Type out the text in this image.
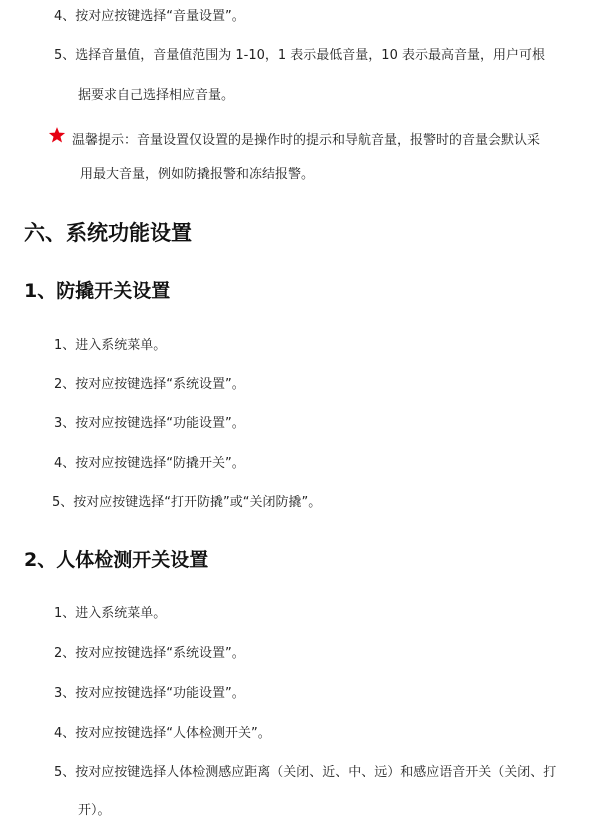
4、按对应按键选择“音量设置”。
5、选择音量值，音量值范围为 1-10，1 表示最低音量，10 表示最高音量，用户可根
据要求自己选择相应音量。
温馨提示：音量设置仅设置的是操作时的提示和导航音量，报警时的音量会默认采
用最大音量，例如防撬报警和冻结报警。
六、系统功能设置
1、防撬开关设置
1、进入系统菜单。
2、按对应按键选择“系统设置”。
3、按对应按键选择“功能设置”。
4、按对应按键选择“防撬开关”。
5、按对应按键选择“打开防撬”或“关闭防撬”。
2、人体检测开关设置
1、进入系统菜单。
2、按对应按键选择“系统设置”。
3、按对应按键选择“功能设置”。
4、按对应按键选择“人体检测开关”。
5、按对应按键选择人体检测感应距离（关闭、近、中、远）和感应语音开关（关闭、打
开）。
